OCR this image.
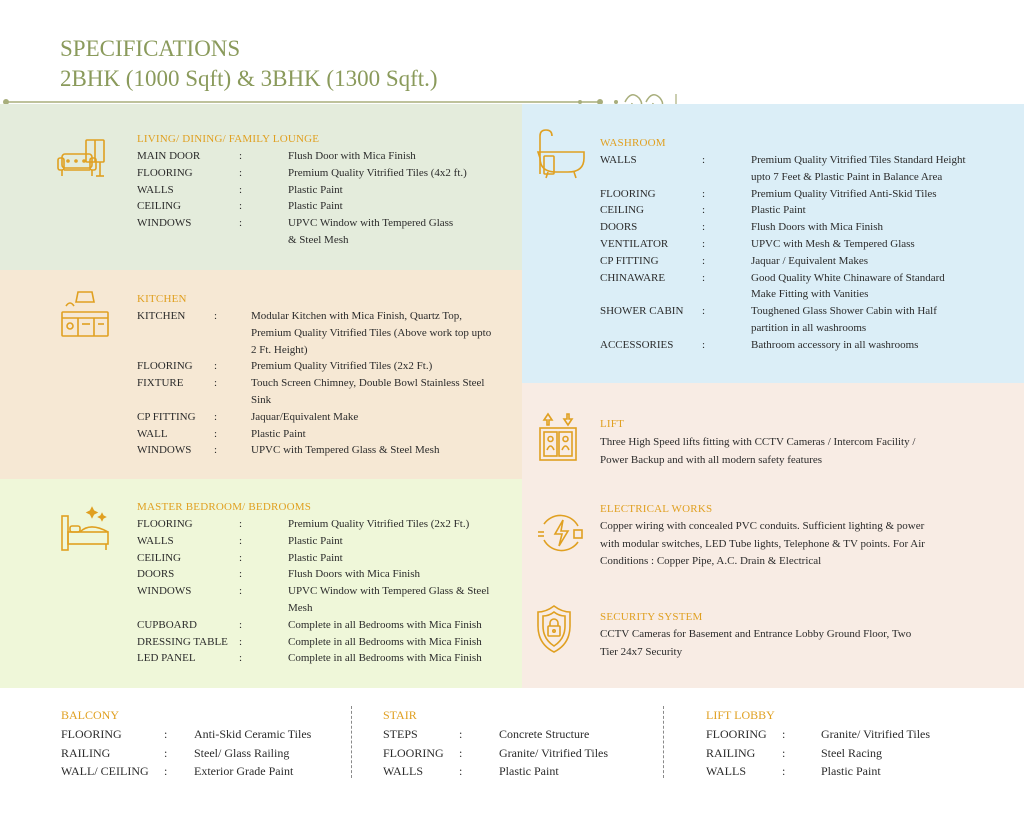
SPECIFICATIONS
2BHK (1000 Sqft) & 3BHK (1300 Sqft.)
LIVING/ DINING/ FAMILY LOUNGE
MAIN DOOR	:	Flush Door with Mica Finish
FLOORING	:	Premium Quality Vitrified Tiles (4x2 ft.)
WALLS	:	Plastic Paint
CEILING	:	Plastic Paint
WINDOWS	:	UPVC Window with Tempered Glass
& Steel Mesh
KITCHEN
KITCHEN	:	Modular Kitchen with Mica Finish, Quartz Top,
Premium Quality Vitrified Tiles (Above work top upto
2 Ft. Height)
FLOORING :	Premium Quality Vitrified Tiles (2x2 Ft.)
FIXTURE	:	Touch Screen Chimney, Double Bowl Stainless Steel
Sink
CP FITTING :	Jaquar/Equivalent Make
WALL	:	Plastic Paint
WINDOWS :	UPVC with Tempered Glass & Steel Mesh
MASTER BEDROOM/ BEDROOMS
FLOORING	:	Premium Quality Vitrified Tiles (2x2 Ft.)
WALLS	:	Plastic Paint
CEILING	:	Plastic Paint
DOORS	:	Flush Doors with Mica Finish
WINDOWS	:	UPVC Window with Tempered Glass & Steel
Mesh
CUPBOARD	:	Complete in all Bedrooms with Mica Finish
DRESSING TABLE :	Complete in all Bedrooms with Mica Finish
LED PANEL	:	Complete in all Bedrooms with Mica Finish
WASHROOM
WALLS	:	Premium Quality Vitrified Tiles Standard Height
upto 7 Feet & Plastic Paint in Balance Area
FLOORING	:	Premium Quality Vitrified Anti-Skid Tiles
CEILING	:	Plastic Paint
DOORS	:	Flush Doors with Mica Finish
VENTILATOR	:	UPVC with Mesh & Tempered Glass
CP FITTING	:	Jaquar / Equivalent Makes
CHINAWARE	:	Good Quality White Chinaware of Standard
Make Fitting with Vanities
SHOWER CABIN :	Toughened Glass Shower Cabin with Half
partition in all washrooms
ACCESSORIES	:	Bathroom accessory in all washrooms
LIFT
Three High Speed lifts fitting with CCTV Cameras / Intercom Facility /
Power Backup and with all modern safety features
ELECTRICAL WORKS
Copper wiring with concealed PVC conduits. Sufficient lighting & power
with modular switches, LED Tube lights, Telephone & TV points. For Air
Conditions : Copper Pipe, A.C. Drain & Electrical
SECURITY SYSTEM
CCTV Cameras for Basement and Entrance Lobby Ground Floor, Two
Tier 24x7 Security
BALCONY	STAIR	LIFT LOBBY
FLOORING	: Anti-Skid Ceramic Tiles
RAILING	: Steel/ Glass Railing
WALL/ CEILING : Exterior Grade Paint
STEPS	:	Concrete Structure
FLOORING :	Granite/ Vitrified Tiles
WALLS	:	Plastic Paint
FLOORING :	Granite/ Vitrified Tiles
RAILING :	Steel Racing
WALLS	:	Plastic Paint
